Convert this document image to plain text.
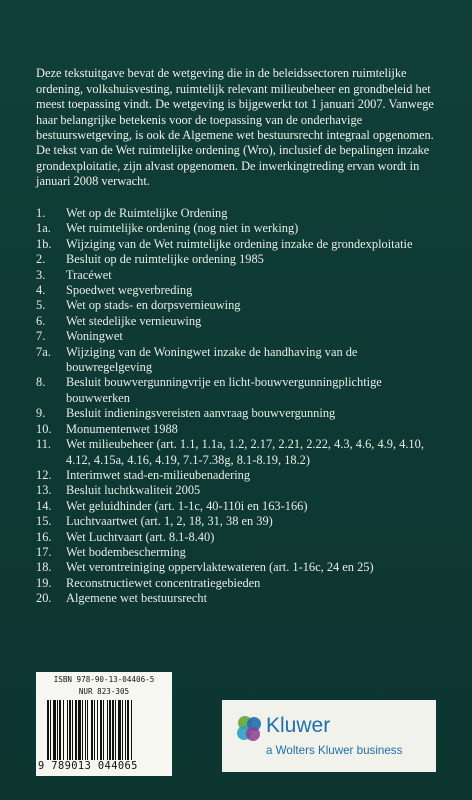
Deze tekstuitgave bevat de wetgeving die in de beleidssectoren ruimtelijke ordening, volkshuisvesting, ruimtelijk relevant milieubeheer en grondbeleid het meest toepassing vindt. De wetgeving is bijgewerkt tot 1 januari 2007. Vanwege haar belangrijke betekenis voor de toepassing van de onderhavige bestuurswetgeving, is ook de Algemene wet bestuursrecht integraal opgenomen. De tekst van de Wet ruimtelijke ordening (Wro), inclusief de bepalingen inzake grondexploitatie, zijn alvast opgenomen. De inwerkingtreding ervan wordt in januari 2008 verwacht.

1.	Wet op de Ruimtelijke Ordening
1a.	Wet ruimtelijke ordening (nog niet in werking)
1b.	Wijziging van de Wet ruimtelijke ordening inzake de grondexploitatie
2.	Besluit op de ruimtelijke ordening 1985
3.	Tracéwet
4.	Spoedwet wegverbreding
5.	Wet op stads- en dorpsvernieuwing
6.	Wet stedelijke vernieuwing
7.	Woningwet
7a.	Wijziging van de Woningwet inzake de handhaving van de bouwregelgeving
8.	Besluit bouwvergunningvrije en licht-bouwvergunningplichtige bouwwerken
9.	Besluit indieningsvereisten aanvraag bouwvergunning
10.	Monumentenwet 1988
11.	Wet milieubeheer (art. 1.1, 1.1a, 1.2, 2.17, 2.21, 2.22, 4.3, 4.6, 4.9, 4.10, 4.12, 4.15a, 4.16, 4.19, 7.1-7.38g, 8.1-8.19, 18.2)
12.	Interimwet stad-en-milieubenadering
13.	Besluit luchtkwaliteit 2005
14.	Wet geluidhinder (art. 1-1c, 40-110i en 163-166)
15.	Luchtvaartwet (art. 1, 2, 18, 31, 38 en 39)
16.	Wet Luchtvaart (art. 8.1-8.40)
17.	Wet bodembescherming
18.	Wet verontreiniging oppervlaktewateren (art. 1-16c, 24 en 25)
19.	Reconstructiewet concentratiegebieden
20.	Algemene wet bestuursrecht
ISBN 978-90-13-04406-5
NUR 823-305
9 789013 044065
Kluwer
a Wolters Kluwer business
